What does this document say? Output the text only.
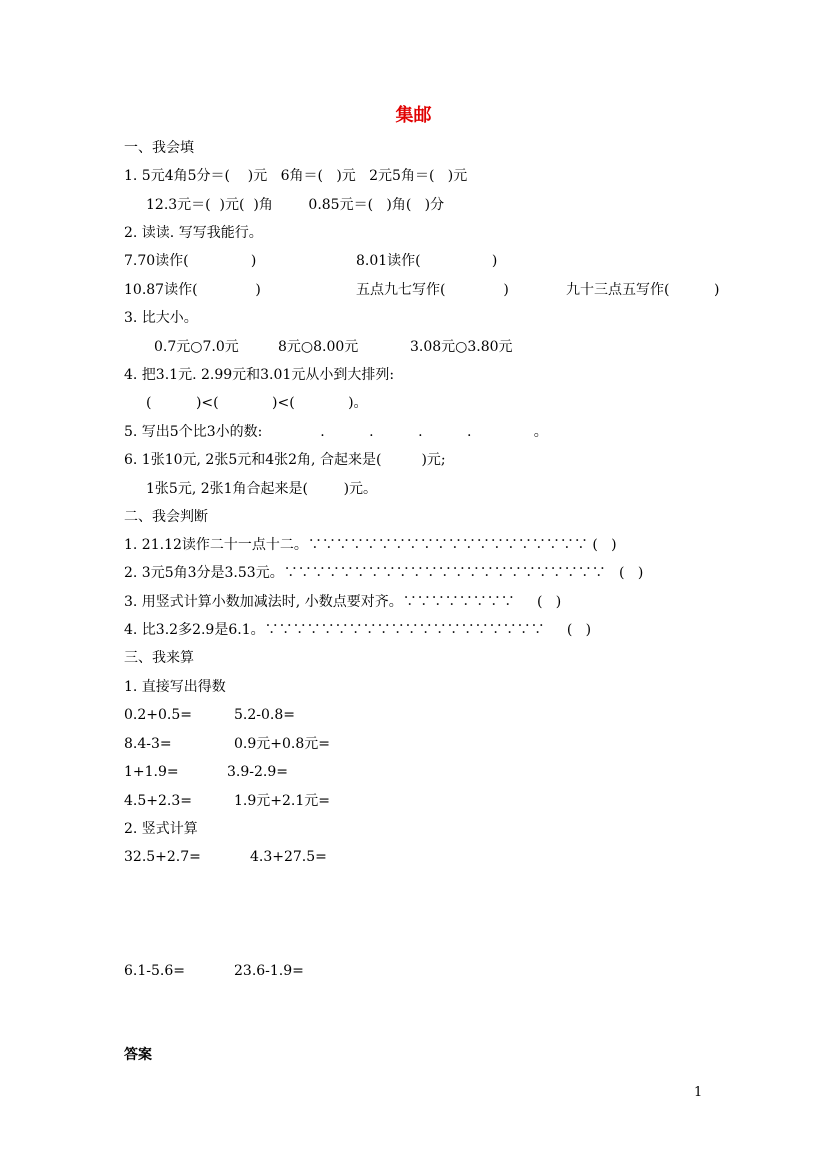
集邮
一、我会填
1. 5元4角5分＝(    )元   6角＝(   )元   2元5角＝(   )元
12.3元＝(  )元(  )角        0.85元＝(   )角(   )分
2. 读读. 写写我能行。
7.70读作(              )	8.01读作(                )
10.87读作(             )	五点九七写作(             )	九十三点五写作(          )
3. 比大小。
0.7元○7.0元	8元○8.00元	3.08元○3.80元
4. 把3.1元. 2.99元和3.01元从小到大排列:
(          )<(            )<(            )。
5. 写出5个比3小的数:             .          .          .          .              。
6. 1张10元, 2张5元和4张2角, 合起来是(         )元;
1张5元, 2张1角合起来是(        )元。
二、我会判断
1. 21.12读作二十一点十二。∵∵∵∵∵∵∵∵∵∵∵∵∵∵∵∵∵∵∵∵ (   )
2. 3元5角3分是3.53元。∵∵∵∵∵∵∵∵∵∵∵∵∵∵∵∵∵∵∵∵∵∵∵   (   )
3. 用竖式计算小数加减法时, 小数点要对齐。∵∵∵∵∵∵∵∵     (   )
4. 比3.2多2.9是6.1。∵∵∵∵∵∵∵∵∵∵∵∵∵∵∵∵∵∵∵∵     (   )
三、我来算
1. 直接写出得数
0.2+0.5=	5.2-0.8=
8.4-3=	0.9元+0.8元=
1+1.9=	3.9-2.9=
4.5+2.3=	1.9元+2.1元=
2. 竖式计算
32.5+2.7=	4.3+27.5=
6.1-5.6=	23.6-1.9=
答案
1
